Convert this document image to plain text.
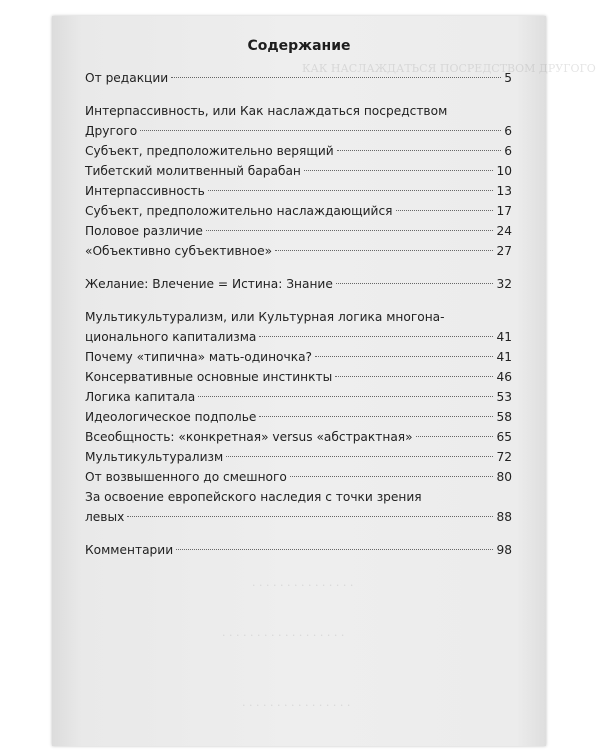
КАК НАСЛАЖДАТЬСЯ ПОСРЕДСТВОМ ДРУГОГО
. . . . . . . . . . . . . . .
. . . . . . . . . . . . . . . . . .
. . . . . . . . . . . . . . . .
Содержание
От редакции	5
Интерпассивность, или Как наслаждаться посредством
Другого	6
Субъект, предположительно верящий	6
Тибетский молитвенный барабан	10
Интерпассивность	13
Субъект, предположительно наслаждающийся	17
Половое различие	24
«Объективно субъективное»	27
Желание: Влечение = Истина: Знание	32
Мультикультурализм, или Культурная логика многона-
ционального капитализма	41
Почему «типична» мать-одиночка?	41
Консервативные основные инстинкты	46
Логика капитала	53
Идеологическое подполье	58
Всеобщность: «конкретная» versus «абстрактная»	65
Мультикультурализм	72
От возвышенного до смешного	80
За освоение европейского наследия с точки зрения
левых	88
Комментарии	98
